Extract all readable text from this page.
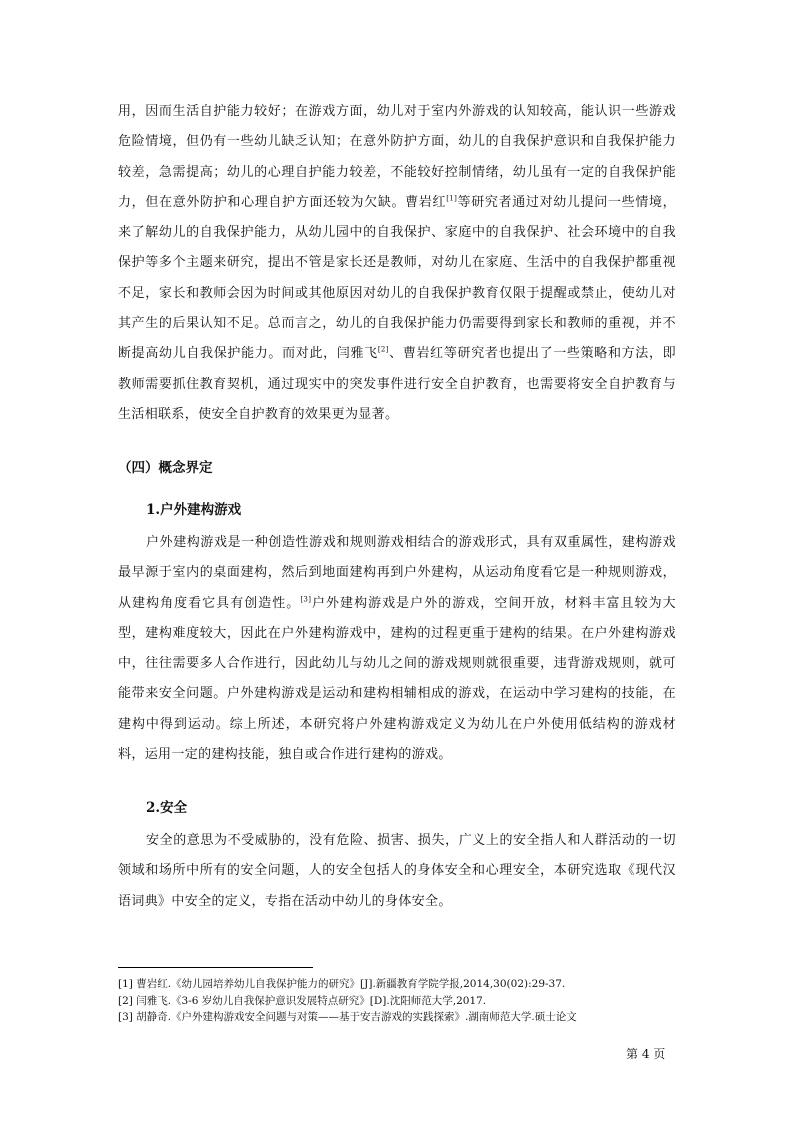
用，因而生活自护能力较好；在游戏方面，幼儿对于室内外游戏的认知较高，能认识一些游戏危险情境，但仍有一些幼儿缺乏认知；在意外防护方面，幼儿的自我保护意识和自我保护能力较差，急需提高；幼儿的心理自护能力较差，不能较好控制情绪，幼儿虽有一定的自我保护能力，但在意外防护和心理自护方面还较为欠缺。曹岩红[1]等研究者通过对幼儿提问一些情境，来了解幼儿的自我保护能力，从幼儿园中的自我保护、家庭中的自我保护、社会环境中的自我保护等多个主题来研究，提出不管是家长还是教师，对幼儿在家庭、生活中的自我保护都重视不足，家长和教师会因为时间或其他原因对幼儿的自我保护教育仅限于提醒或禁止，使幼儿对其产生的后果认知不足。总而言之，幼儿的自我保护能力仍需要得到家长和教师的重视，并不断提高幼儿自我保护能力。而对此，闫雅飞[2]、曹岩红等研究者也提出了一些策略和方法，即教师需要抓住教育契机，通过现实中的突发事件进行安全自护教育，也需要将安全自护教育与生活相联系，使安全自护教育的效果更为显著。

（四）概念界定

1.户外建构游戏

户外建构游戏是一种创造性游戏和规则游戏相结合的游戏形式，具有双重属性，建构游戏最早源于室内的桌面建构，然后到地面建构再到户外建构，从运动角度看它是一种规则游戏，从建构角度看它具有创造性。[3]户外建构游戏是户外的游戏，空间开放，材料丰富且较为大型，建构难度较大，因此在户外建构游戏中，建构的过程更重于建构的结果。在户外建构游戏中，往往需要多人合作进行，因此幼儿与幼儿之间的游戏规则就很重要，违背游戏规则，就可能带来安全问题。户外建构游戏是运动和建构相辅相成的游戏，在运动中学习建构的技能，在建构中得到运动。综上所述，本研究将户外建构游戏定义为幼儿在户外使用低结构的游戏材料，运用一定的建构技能，独自或合作进行建构的游戏。

2.安全

安全的意思为不受威胁的，没有危险、损害、损失，广义上的安全指人和人群活动的一切领域和场所中所有的安全问题，人的安全包括人的身体安全和心理安全，本研究选取《现代汉语词典》中安全的定义，专指在活动中幼儿的身体安全。

[1] 曹岩红.《幼儿园培养幼儿自我保护能力的研究》[J].新疆教育学院学报,2014,30(02):29-37.
[2] 闫雅飞.《3-6 岁幼儿自我保护意识发展特点研究》[D].沈阳师范大学,2017.
[3] 胡静奇.《户外建构游戏安全问题与对策——基于安吉游戏的实践探索》.湖南师范大学.硕士论文
第 4 页
